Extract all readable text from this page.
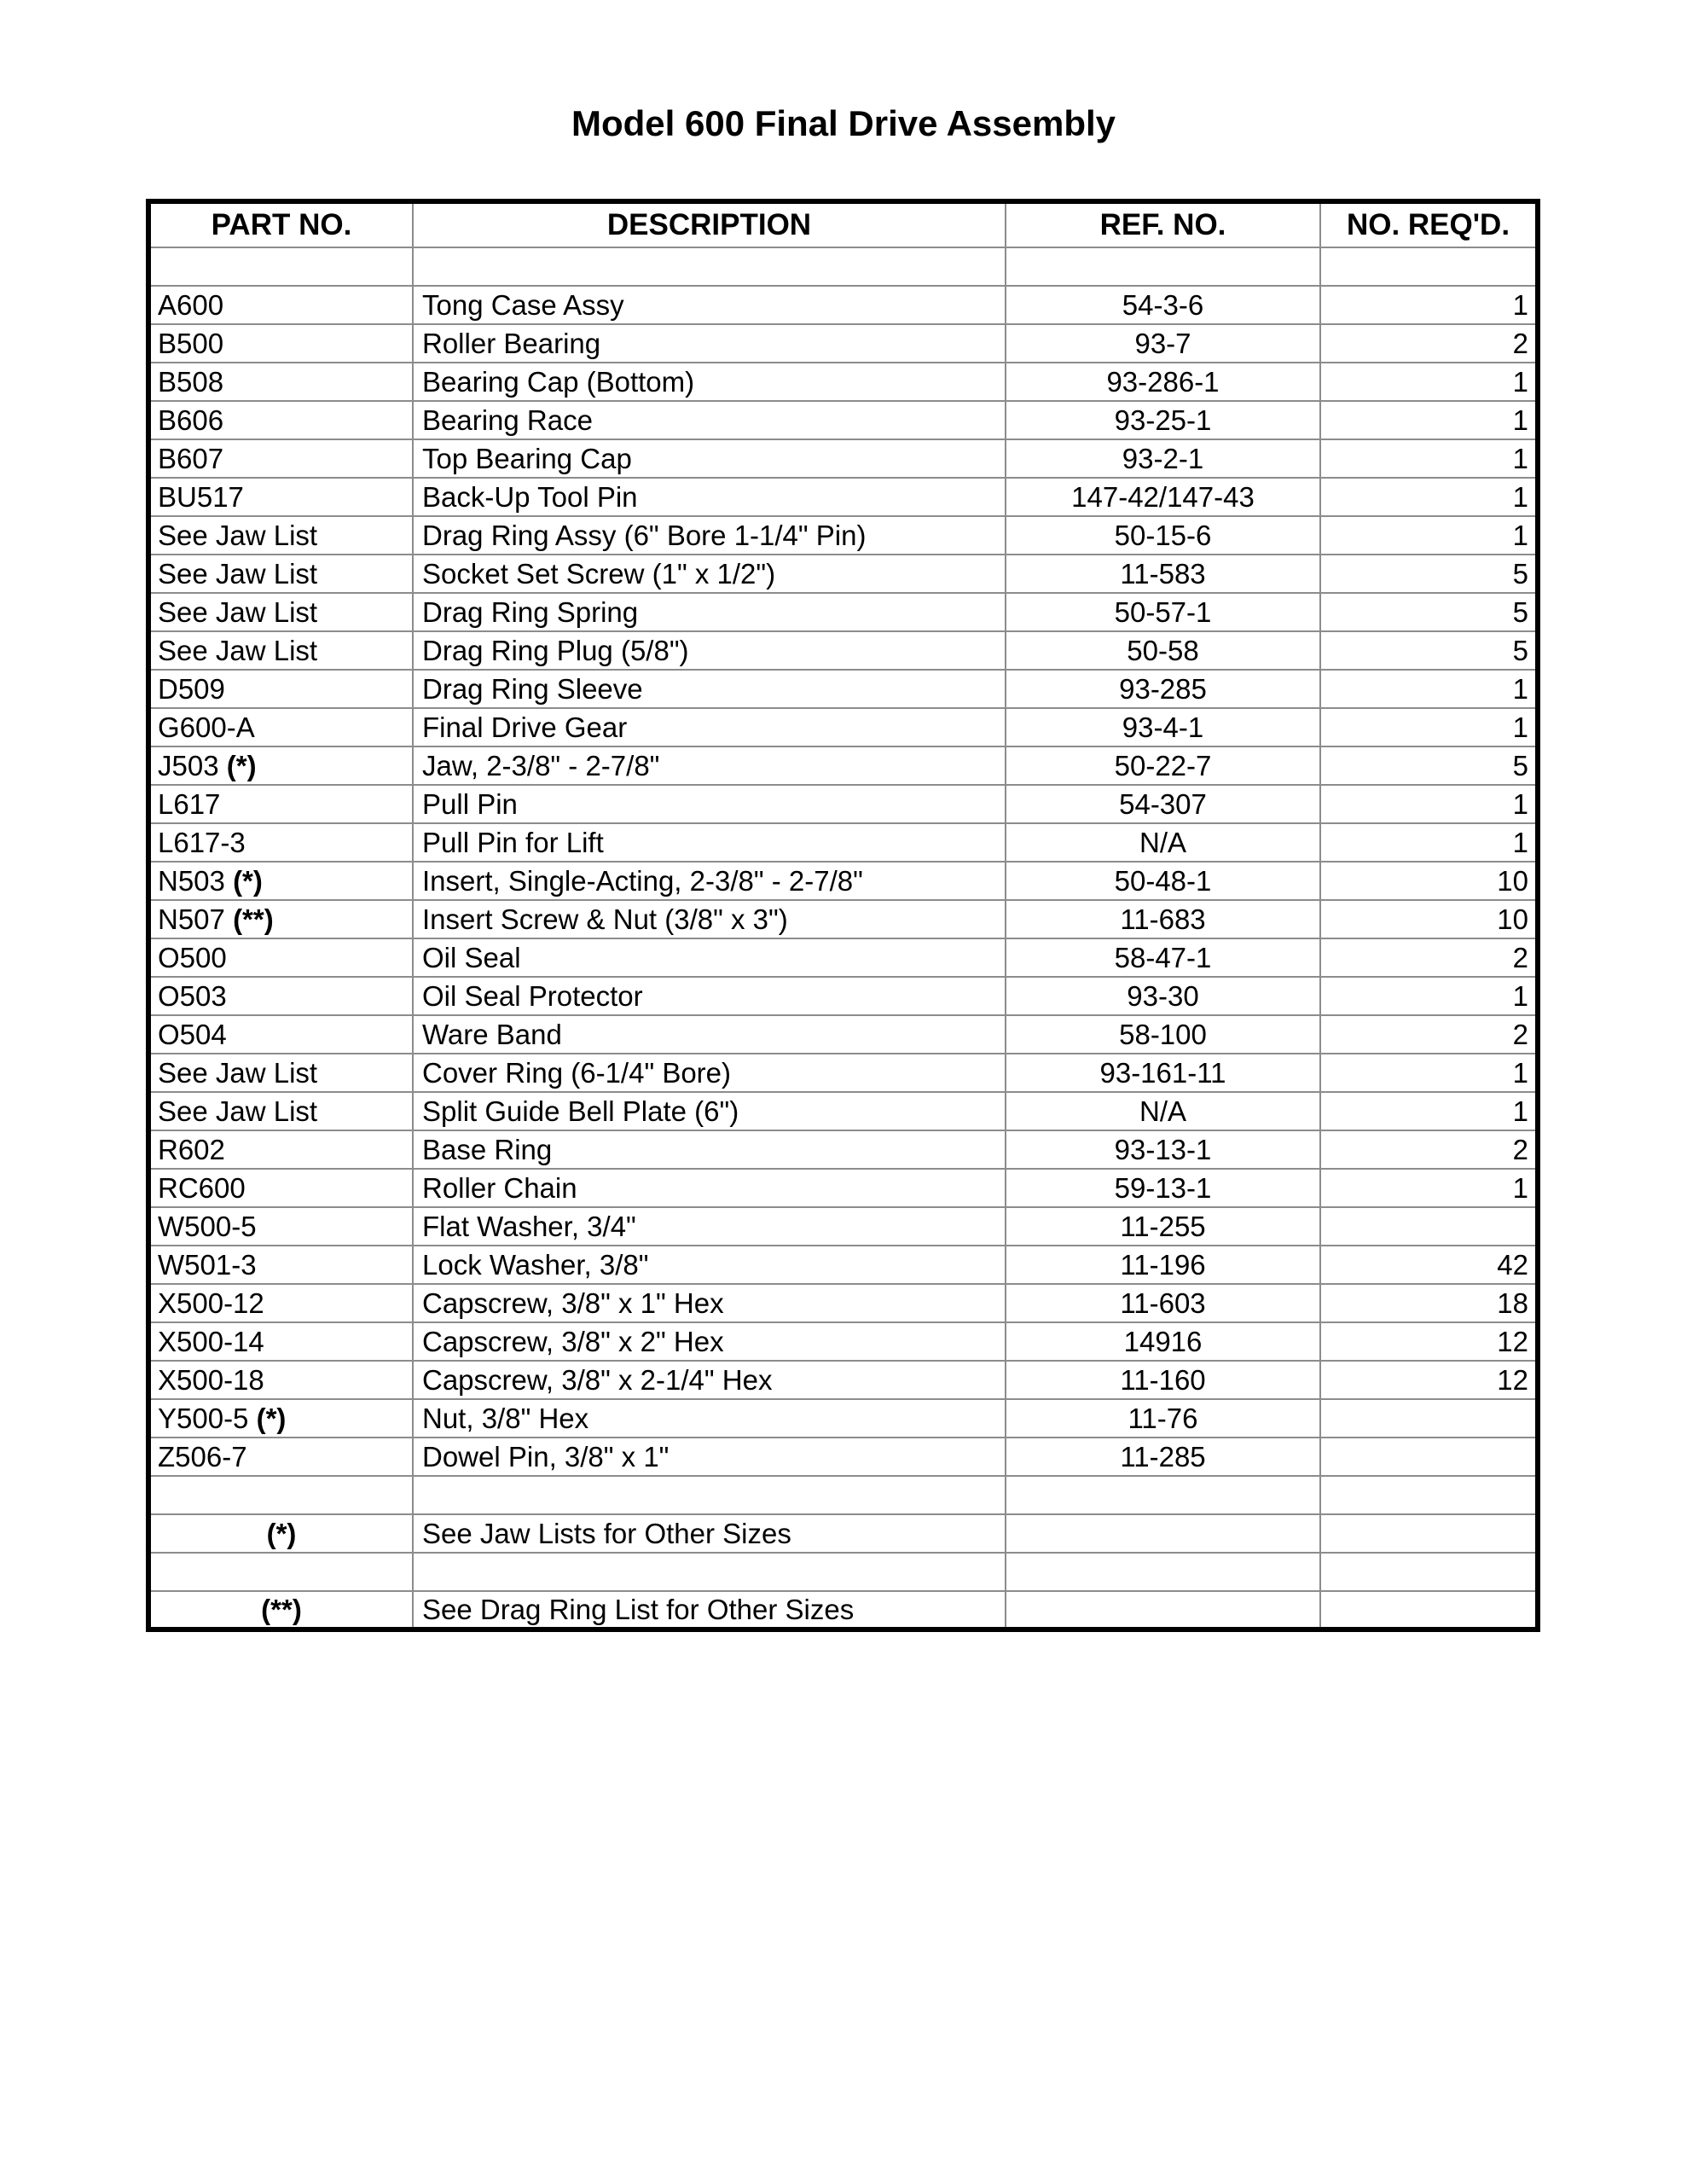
Model 600 Final Drive Assembly
PART NO.	DESCRIPTION	REF. NO.	NO. REQ'D.

A600	Tong Case Assy	54-3-6	1
B500	Roller Bearing	93-7	2
B508	Bearing Cap (Bottom)	93-286-1	1
B606	Bearing Race	93-25-1	1
B607	Top Bearing Cap	93-2-1	1
BU517	Back-Up Tool Pin	147-42/147-43	1
See Jaw List	Drag Ring Assy (6" Bore 1-1/4" Pin)	50-15-6	1
See Jaw List	Socket Set Screw (1" x 1/2")	11-583	5
See Jaw List	Drag Ring Spring	50-57-1	5
See Jaw List	Drag Ring Plug (5/8")	50-58	5
D509	Drag Ring Sleeve	93-285	1
G600-A	Final Drive Gear	93-4-1	1
J503 (*)	Jaw, 2-3/8" - 2-7/8"	50-22-7	5
L617	Pull Pin	54-307	1
L617-3	Pull Pin for Lift	N/A	1
N503 (*)	Insert, Single-Acting, 2-3/8" - 2-7/8"	50-48-1	10
N507 (**)	Insert Screw & Nut (3/8" x 3")	11-683	10
O500	Oil Seal	58-47-1	2
O503	Oil Seal Protector	93-30	1
O504	Ware Band	58-100	2
See Jaw List	Cover Ring (6-1/4" Bore)	93-161-11	1
See Jaw List	Split Guide Bell Plate (6")	N/A	1
R602	Base Ring	93-13-1	2
RC600	Roller Chain	59-13-1	1
W500-5	Flat Washer, 3/4"	11-255	
W501-3	Lock Washer, 3/8"	11-196	42
X500-12	Capscrew, 3/8" x 1" Hex	11-603	18
X500-14	Capscrew, 3/8" x 2" Hex	14916	12
X500-18	Capscrew, 3/8" x 2-1/4" Hex	11-160	12
Y500-5 (*)	Nut, 3/8" Hex	11-76	
Z506-7	Dowel Pin, 3/8" x 1"	11-285	

(*)	See Jaw Lists for Other Sizes		

(**)	See Drag Ring List for Other Sizes		
